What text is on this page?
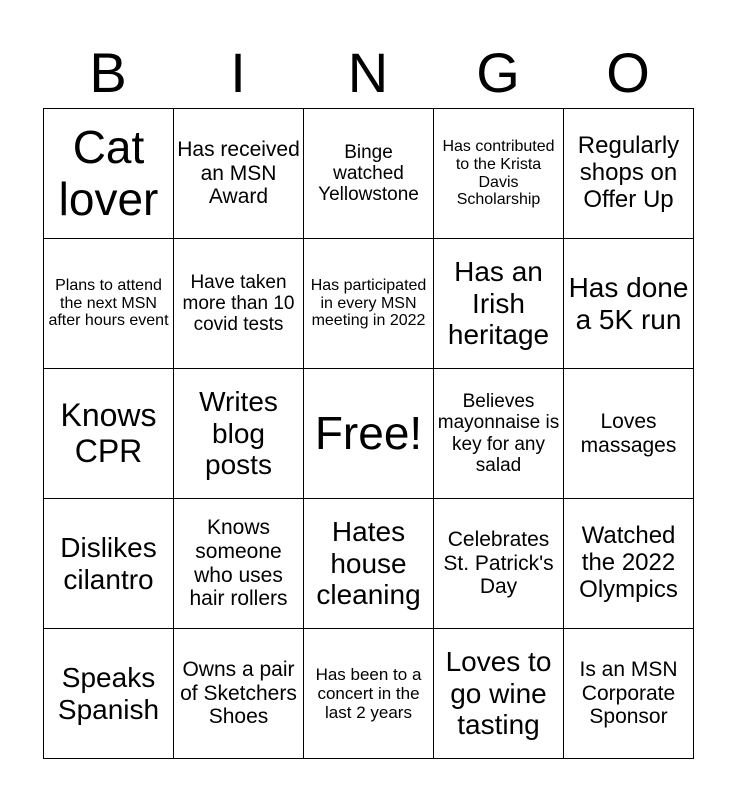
B	I	N	G	O
Cat lover	Has received an MSN Award	Binge watched Yellowstone	Has contributed to the Krista Davis Scholarship	Regularly shops on Offer Up
Plans to attend the next MSN after hours event	Have taken more than 10 covid tests	Has participated in every MSN meeting in 2022	Has an Irish heritage	Has done a 5K run
Knows CPR	Writes blog posts	Free!	Believes mayonnaise is key for any salad	Loves massages
Dislikes cilantro	Knows someone who uses hair rollers	Hates house cleaning	Celebrates St. Patrick's Day	Watched the 2022 Olympics
Speaks Spanish	Owns a pair of Sketchers Shoes	Has been to a concert in the last 2 years	Loves to go wine tasting	Is an MSN Corporate Sponsor
